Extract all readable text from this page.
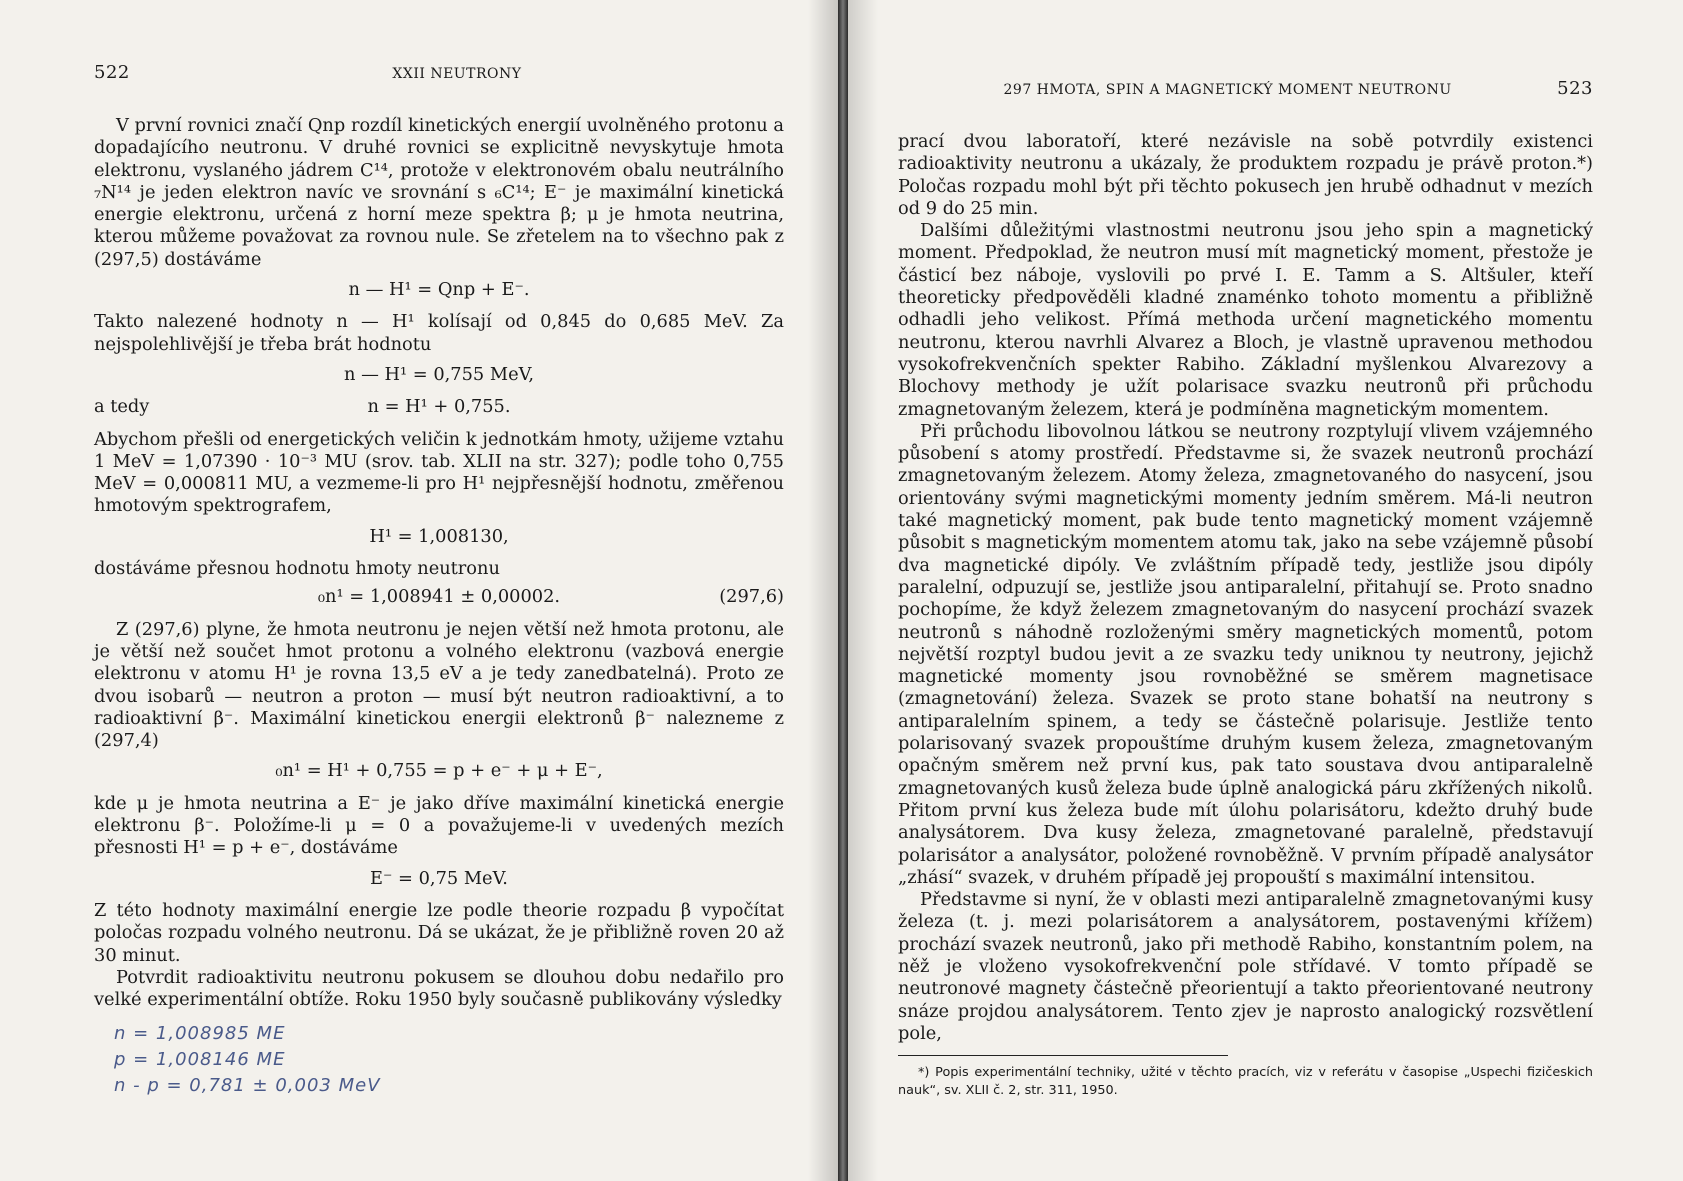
522	XXII NEUTRONY

V první rovnici značí Qnp rozdíl kinetických energií uvolněného protonu a dopadajícího neutronu. V druhé rovnici se explicitně nevyskytuje hmota elektronu, vyslaného jádrem C¹⁴, protože v elektronovém obalu neutrálního ₇N¹⁴ je jeden elektron navíc ve srovnání s ₆C¹⁴; E⁻ je maximální kinetická energie elektronu, určená z horní meze spektra β; μ je hmota neutrina, kterou můžeme považovat za rovnou nule. Se zřetelem na to všechno pak z (297,5) dostáváme

n — H¹ = Qnp + E⁻.

Takto nalezené hodnoty n — H¹ kolísají od 0,845 do 0,685 MeV. Za nejspolehlivější je třeba brát hodnotu

n — H¹ = 0,755 MeV,
a tedy	n = H¹ + 0,755.

Abychom přešli od energetických veličin k jednotkám hmoty, užijeme vztahu 1 MeV = 1,07390 · 10⁻³ MU (srov. tab. XLII na str. 327); podle toho 0,755 MeV = 0,000811 MU, a vezmeme-li pro H¹ nejpřesnější hodnotu, změřenou hmotovým spektrografem,

H¹ = 1,008130,

dostáváme přesnou hodnotu hmoty neutronu

₀n¹ = 1,008941 ± 0,00002.	(297,6)

Z (297,6) plyne, že hmota neutronu je nejen větší než hmota protonu, ale je větší než součet hmot protonu a volného elektronu (vazbová energie elektronu v atomu H¹ je rovna 13,5 eV a je tedy zanedbatelná). Proto ze dvou isobarů — neutron a proton — musí být neutron radioaktivní, a to radioaktivní β⁻. Maximální kinetickou energii elektronů β⁻ nalezneme z (297,4)

₀n¹ = H¹ + 0,755 = p + e⁻ + μ + E⁻,

kde μ je hmota neutrina a E⁻ je jako dříve maximální kinetická energie elektronu β⁻. Položíme-li μ = 0 a považujeme-li v uvedených mezích přesnosti H¹ = p + e⁻, dostáváme

E⁻ = 0,75 MeV.

Z této hodnoty maximální energie lze podle theorie rozpadu β vypočítat poločas rozpadu volného neutronu. Dá se ukázat, že je přibližně roven 20 až 30 minut.

Potvrdit radioaktivitu neutronu pokusem se dlouhou dobu nedařilo pro velké experimentální obtíže. Roku 1950 byly současně publikovány výsledky

n = 1,008985 ME
p = 1,008146 ME
n - p = 0,781 ± 0,003 MeV
297 HMOTA, SPIN A MAGNETICKÝ MOMENT NEUTRONU	523

prací dvou laboratoří, které nezávisle na sobě potvrdily existenci radioaktivity neutronu a ukázaly, že produktem rozpadu je právě proton.*) Poločas rozpadu mohl být při těchto pokusech jen hrubě odhadnut v mezích od 9 do 25 min.

Dalšími důležitými vlastnostmi neutronu jsou jeho spin a magnetický moment. Předpoklad, že neutron musí mít magnetický moment, přestože je částicí bez náboje, vyslovili po prvé I. E. Tamm a S. Altšuler, kteří theoreticky předpověděli kladné znaménko tohoto momentu a přibližně odhadli jeho velikost. Přímá methoda určení magnetického momentu neutronu, kterou navrhli Alvarez a Bloch, je vlastně upravenou methodou vysokofrekvenčních spekter Rabiho. Základní myšlenkou Alvarezovy a Blochovy methody je užít polarisace svazku neutronů při průchodu zmagnetovaným železem, která je podmíněna magnetickým momentem.

Při průchodu libovolnou látkou se neutrony rozptylují vlivem vzájemného působení s atomy prostředí. Představme si, že svazek neutronů prochází zmagnetovaným železem. Atomy železa, zmagnetovaného do nasycení, jsou orientovány svými magnetickými momenty jedním směrem. Má-li neutron také magnetický moment, pak bude tento magnetický moment vzájemně působit s magnetickým momentem atomu tak, jako na sebe vzájemně působí dva magnetické dipóly. Ve zvláštním případě tedy, jestliže jsou dipóly paralelní, odpuzují se, jestliže jsou antiparalelní, přitahují se. Proto snadno pochopíme, že když železem zmagnetovaným do nasycení prochází svazek neutronů s náhodně rozloženými směry magnetických momentů, potom největší rozptyl budou jevit a ze svazku tedy uniknou ty neutrony, jejichž magnetické momenty jsou rovnoběžné se směrem magnetisace (zmagnetování) železa. Svazek se proto stane bohatší na neutrony s antiparalelním spinem, a tedy se částečně polarisuje. Jestliže tento polarisovaný svazek propouštíme druhým kusem železa, zmagnetovaným opačným směrem než první kus, pak tato soustava dvou antiparalelně zmagnetovaných kusů železa bude úplně analogická páru zkřížených nikolů. Přitom první kus železa bude mít úlohu polarisátoru, kdežto druhý bude analysátorem. Dva kusy železa, zmagnetované paralelně, představují polarisátor a analysátor, položené rovnoběžně. V prvním případě analysátor „zhásí“ svazek, v druhém případě jej propouští s maximální intensitou.

Představme si nyní, že v oblasti mezi antiparalelně zmagnetovanými kusy železa (t. j. mezi polarisátorem a analysátorem, postavenými křížem) prochází svazek neutronů, jako při methodě Rabiho, konstantním polem, na něž je vloženo vysokofrekvenční pole střídavé. V tomto případě se neutronové magnety částečně přeorientují a takto přeorientované neutrony snáze projdou analysátorem. Tento zjev je naprosto analogický rozsvětlení pole,

*) Popis experimentální techniky, užité v těchto pracích, viz v referátu v časopise „Uspechi fizičeskich nauk“, sv. XLII č. 2, str. 311, 1950.
